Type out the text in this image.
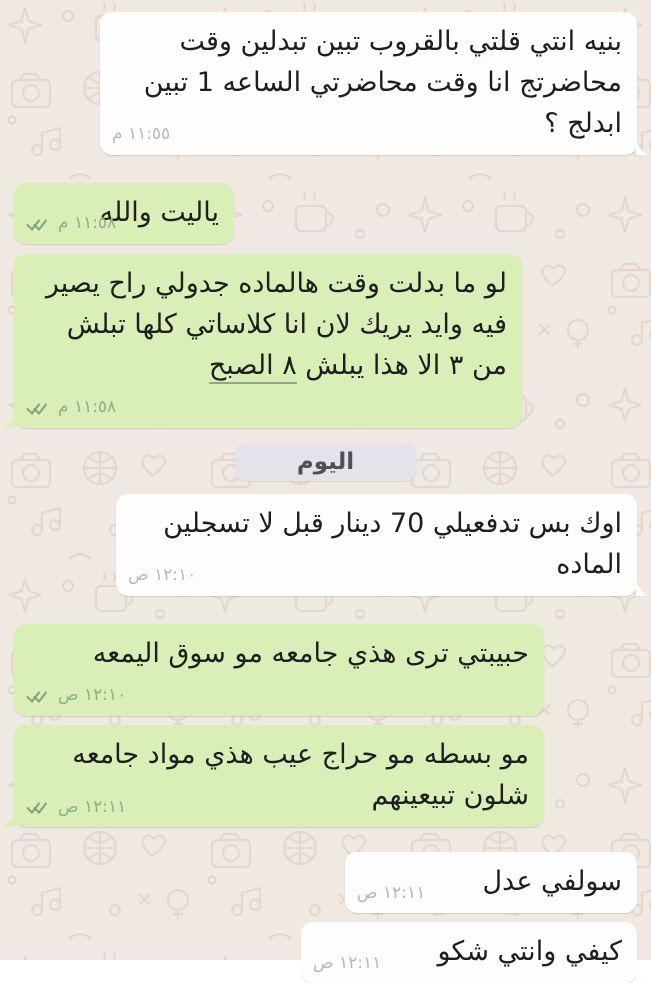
بنيه انتي قلتي بالقروب تبين تبدلين وقت محاضرتج انا وقت محاضرتي الساعه 1 تبين ابدلج ؟
١١:٥٥ م
ياليت والله
١١:٥٨ م
لو ما بدلت وقت هالماده جدولي راح يصير فيه وايد يريك لان انا كلاساتي كلها تبلش من ٣ الا هذا يبلش ٨ الصبح
١١:٥٨ م
اليوم
اوك بس تدفعيلي 70 دينار قبل لا تسجلين الماده
١٢:١٠ ص
حبيبتي ترى هذي جامعه مو سوق اليمعه
١٢:١٠ ص
مو بسطه مو حراج عيب هذي مواد جامعه شلون تبيعينهم
١٢:١١ ص
سولفي عدل
١٢:١١ ص
كيفي وانتي شكو
١٢:١١ ص
